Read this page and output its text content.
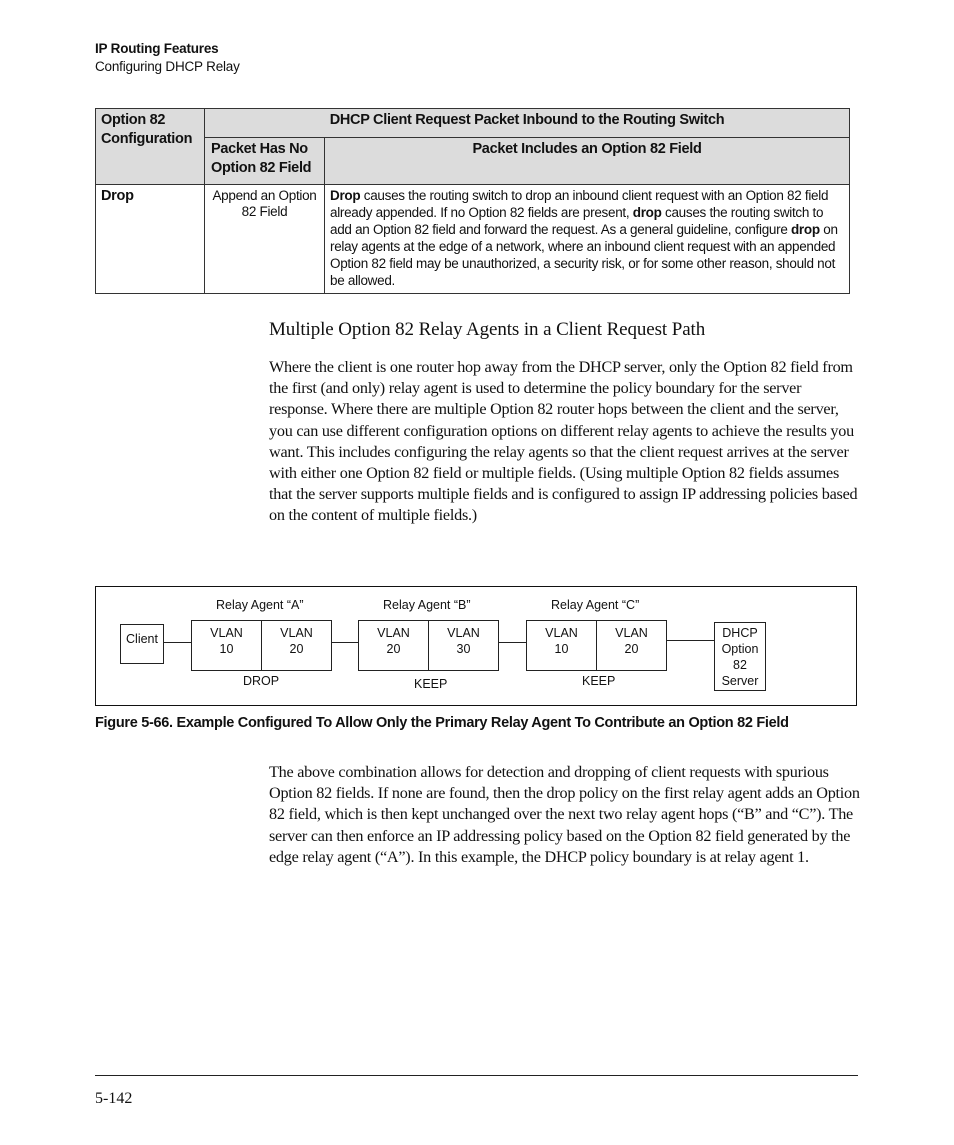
IP Routing Features
Configuring DHCP Relay
Option 82 Configuration	DHCP Client Request Packet Inbound to the Routing Switch	
	Packet Has No Option 82 Field	Packet Includes an Option 82 Field
Drop	Append an Option 82 Field	Drop causes the routing switch to drop an inbound client request with an Option 82 field already appended. If no Option 82 fields are present, drop causes the routing switch to add an Option 82 field and forward the request. As a general guideline, configure drop on relay agents at the edge of a network, where an inbound client request with an appended Option 82 field may be unauthorized, a security risk, or for some other reason, should not be allowed.
Multiple Option 82 Relay Agents in a Client Request Path
Where the client is one router hop away from the DHCP server, only the Option 82 field from the first (and only) relay agent is used to determine the policy boundary for the server response. Where there are multiple Option 82 router hops between the client and the server, you can use different configuration options on different relay agents to achieve the results you want. This includes configuring the relay agents so that the client request arrives at the server with either one Option 82 field or multiple fields. (Using multiple Option 82 fields assumes that the server supports multiple fields and is configured to assign IP addressing policies based on the content of multiple fields.)
Client
Relay Agent “A”
VLAN
10
VLAN
20
DROP
Relay Agent “B”
VLAN
20
VLAN
30
KEEP
Relay Agent “C”
VLAN
10
VLAN
20
KEEP
DHCP
Option
82
Server
Figure 5-66. Example Configured To Allow Only the Primary Relay Agent To Contribute an Option 82 Field
The above combination allows for detection and dropping of client requests with spurious Option 82 fields. If none are found, then the drop policy on the first relay agent adds an Option 82 field, which is then kept unchanged over the next two relay agent hops (“B” and “C”). The server can then enforce an IP addressing policy based on the Option 82 field generated by the edge relay agent (“A”). In this example, the DHCP policy boundary is at relay agent 1.
5-142
